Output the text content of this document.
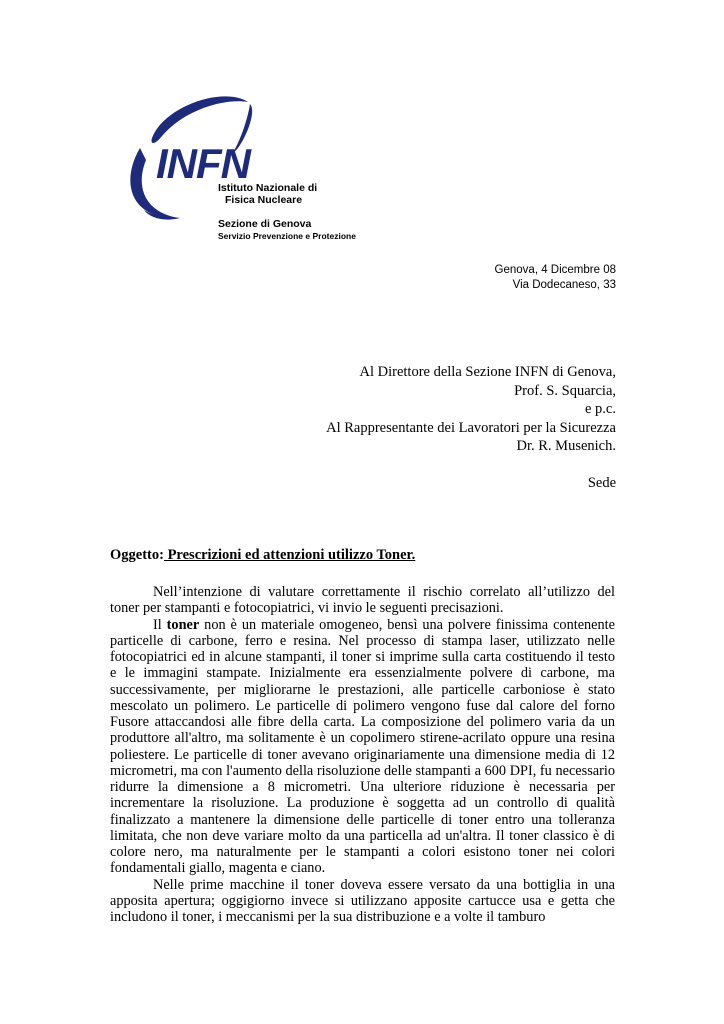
INFN
Istituto Nazionale di
Fisica Nucleare
Sezione di Genova
Servizio Prevenzione e Protezione
Genova, 4 Dicembre 08
Via Dodecaneso, 33
Al Direttore della Sezione INFN di Genova,
Prof. S. Squarcia,
e p.c.
Al Rappresentante dei Lavoratori per la Sicurezza
Dr. R. Musenich.
Sede
Oggetto: Prescrizioni ed attenzioni utilizzo Toner.

Nell’intenzione di valutare correttamente il rischio correlato all’utilizzo del toner per stampanti e fotocopiatrici, vi invio le seguenti precisazioni.

Il toner non è un materiale omogeneo, bensì una polvere finissima contenente particelle di carbone, ferro e resina. Nel processo di stampa laser, utilizzato nelle fotocopiatrici ed in alcune stampanti, il toner si imprime sulla carta costituendo il testo e le immagini stampate. Inizialmente era essenzialmente polvere di carbone, ma successivamente, per migliorarne le prestazioni, alle particelle carboniose è stato mescolato un polimero. Le particelle di polimero vengono fuse dal calore del forno Fusore attaccandosi alle fibre della carta. La composizione del polimero varia da un produttore all'altro, ma solitamente è un copolimero stirene-acrilato oppure una resina poliestere. Le particelle di toner avevano originariamente una dimensione media di 12 micrometri, ma con l'aumento della risoluzione delle stampanti a 600 DPI, fu necessario ridurre la dimensione a 8 micrometri. Una ulteriore riduzione è necessaria per incrementare la risoluzione. La produzione è soggetta ad un controllo di qualità finalizzato a mantenere la dimensione delle particelle di toner entro una tolleranza limitata, che non deve variare molto da una particella ad un'altra. Il toner classico è di colore nero, ma naturalmente per le stampanti a colori esistono toner nei colori fondamentali giallo, magenta e ciano.

Nelle prime macchine il toner doveva essere versato da una bottiglia in una apposita apertura; oggigiorno invece si utilizzano apposite cartucce usa e getta che includono il toner, i meccanismi per la sua distribuzione e a volte il tamburo
